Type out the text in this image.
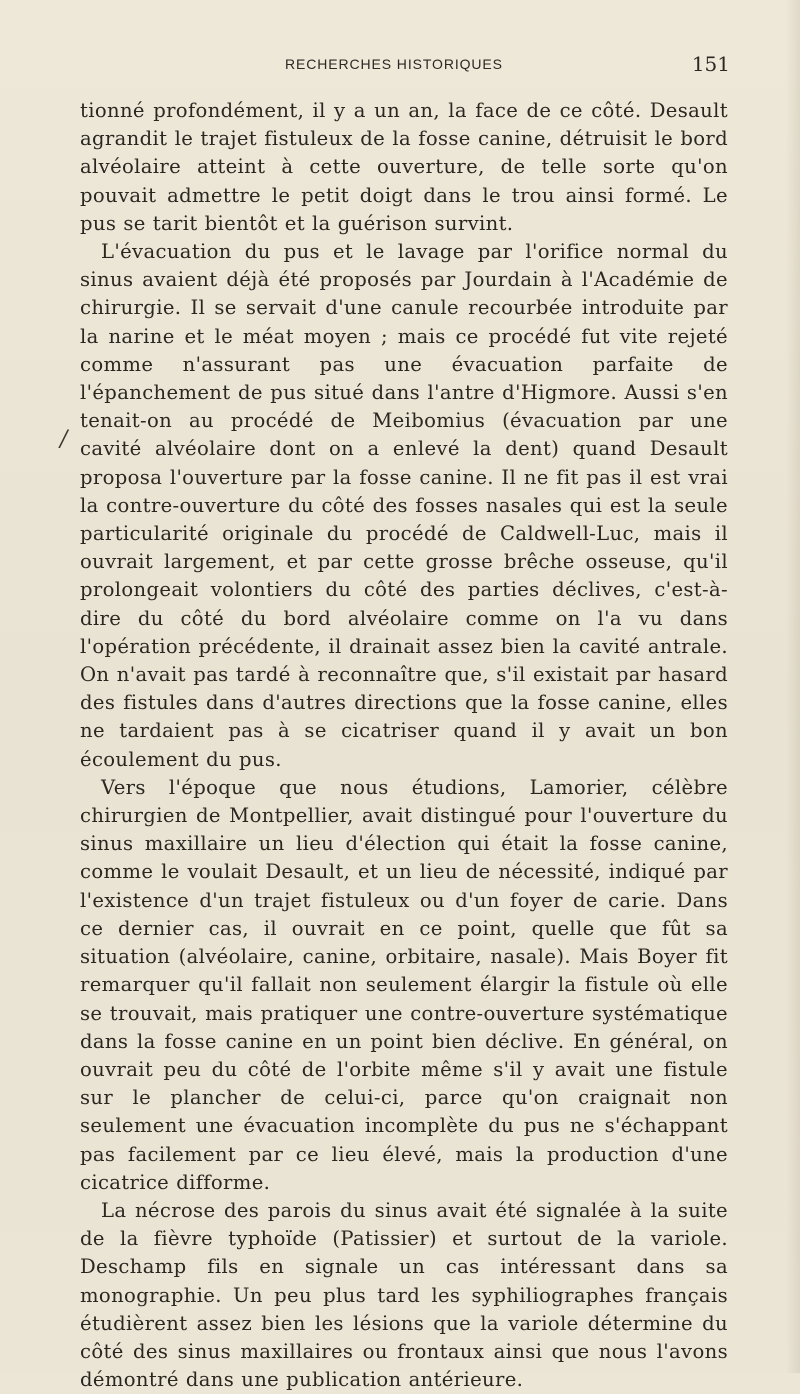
RECHERCHES HISTORIQUES	151
/

tionné profondément, il y a un an, la face de ce côté. Desault agrandit le trajet fistuleux de la fosse canine, détruisit le bord alvéolaire atteint à cette ouverture, de telle sorte qu'on pouvait admettre le petit doigt dans le trou ainsi formé. Le pus se tarit bientôt et la guérison survint.

L'évacuation du pus et le lavage par l'orifice normal du sinus avaient déjà été proposés par Jourdain à l'Académie de chirurgie. Il se servait d'une canule recourbée introduite par la narine et le méat moyen ; mais ce procédé fut vite rejeté comme n'assurant pas une évacuation parfaite de l'épanchement de pus situé dans l'antre d'Higmore. Aussi s'en tenait-on au procédé de Meibomius (évacuation par une cavité alvéolaire dont on a enlevé la dent) quand Desault proposa l'ouverture par la fosse canine. Il ne fit pas il est vrai la contre-ouverture du côté des fosses nasales qui est la seule particularité originale du procédé de Caldwell-Luc, mais il ouvrait largement, et par cette grosse brêche osseuse, qu'il prolongeait volontiers du côté des parties déclives, c'est-à-dire du côté du bord alvéolaire comme on l'a vu dans l'opération précédente, il drainait assez bien la cavité antrale. On n'avait pas tardé à reconnaître que, s'il existait par hasard des fistules dans d'autres directions que la fosse canine, elles ne tardaient pas à se cicatriser quand il y avait un bon écoulement du pus.

Vers l'époque que nous étudions, Lamorier, célèbre chirurgien de Montpellier, avait distingué pour l'ouverture du sinus maxillaire un lieu d'élection qui était la fosse canine, comme le voulait Desault, et un lieu de nécessité, indiqué par l'existence d'un trajet fistuleux ou d'un foyer de carie. Dans ce dernier cas, il ouvrait en ce point, quelle que fût sa situation (alvéolaire, canine, orbitaire, nasale). Mais Boyer fit remarquer qu'il fallait non seulement élargir la fistule où elle se trouvait, mais pratiquer une contre-ouverture systématique dans la fosse canine en un point bien déclive. En général, on ouvrait peu du côté de l'orbite même s'il y avait une fistule sur le plancher de celui-ci, parce qu'on craignait non seulement une évacuation incomplète du pus ne s'échappant pas facilement par ce lieu élevé, mais la production d'une cicatrice difforme.

La nécrose des parois du sinus avait été signalée à la suite de la fièvre typhoïde (Patissier) et surtout de la variole. Deschamp fils en signale un cas intéressant dans sa monographie. Un peu plus tard les syphiliographes français étudièrent assez bien les lésions que la variole détermine du côté des sinus maxillaires ou frontaux ainsi que nous l'avons démontré dans une publication antérieure.
